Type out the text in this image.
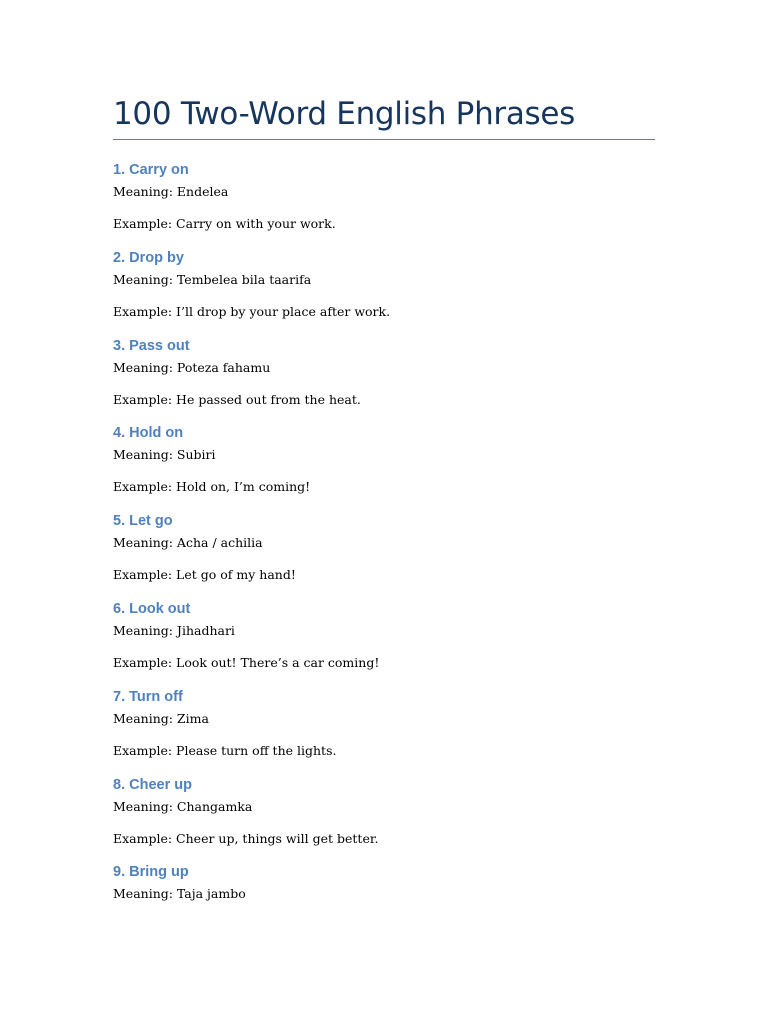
100 Two-Word English Phrases
1. Carry on

Meaning: Endelea

Example: Carry on with your work.

2. Drop by

Meaning: Tembelea bila taarifa

Example: I’ll drop by your place after work.

3. Pass out

Meaning: Poteza fahamu

Example: He passed out from the heat.

4. Hold on

Meaning: Subiri

Example: Hold on, I’m coming!

5. Let go

Meaning: Acha / achilia

Example: Let go of my hand!

6. Look out

Meaning: Jihadhari

Example: Look out! There’s a car coming!

7. Turn off

Meaning: Zima

Example: Please turn off the lights.

8. Cheer up

Meaning: Changamka

Example: Cheer up, things will get better.

9. Bring up

Meaning: Taja jambo
